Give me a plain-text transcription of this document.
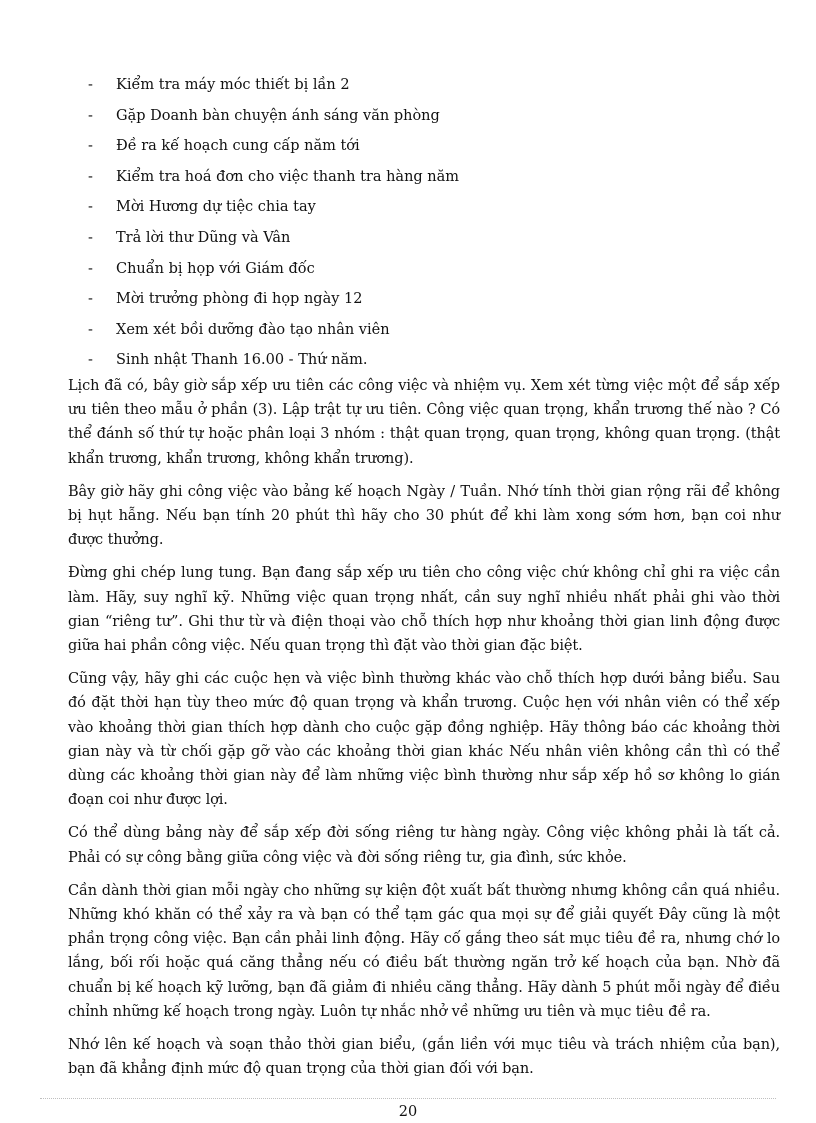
- Kiểm tra máy móc thiết bị lần 2
- Gặp Doanh bàn chuyện ánh sáng văn phòng
- Đề ra kế hoạch cung cấp năm tới
- Kiểm tra hoá đơn cho việc thanh tra hàng năm
- Mời Hương dự tiệc chia tay
- Trả lời thư Dũng và Vân
- Chuẩn bị họp với Giám đốc
- Mời trưởng phòng đi họp ngày 12
- Xem xét bồi dưỡng đào tạo nhân viên
- Sinh nhật Thanh 16.00 - Thứ năm.

Lịch đã có, bây giờ sắp xếp ưu tiên các công việc và nhiệm vụ. Xem xét từng việc một để sắp xếp ưu tiên theo mẫu ở phần (3). Lập trật tự ưu tiên. Công việc quan trọng, khẩn trương thế nào ? Có thể đánh số thứ tự hoặc phân loại 3 nhóm : thật quan trọng, quan trọng, không quan trọng. (thật khẩn trương, khẩn trương, không khẩn trương).

Bây giờ hãy ghi công việc vào bảng kế hoạch Ngày / Tuần. Nhớ tính thời gian rộng rãi để không bị hụt hẫng. Nếu bạn tính 20 phút thì hãy cho 30 phút để khi làm xong sớm hơn, bạn coi như được thưởng.

Đừng ghi chép lung tung. Bạn đang sắp xếp ưu tiên cho công việc chứ không chỉ ghi ra việc cần làm. Hãy, suy nghĩ kỹ. Những việc quan trọng nhất, cần suy nghĩ nhiều nhất phải ghi vào thời gian “riêng tư”. Ghi thư từ và điện thoại vào chỗ thích hợp như khoảng thời gian linh động được giữa hai phần công việc. Nếu quan trọng thì đặt vào thời gian đặc biệt.

Cũng vậy, hãy ghi các cuộc hẹn và việc bình thường khác vào chỗ thích hợp dưới bảng biểu. Sau đó đặt thời hạn tùy theo mức độ quan trọng và khẩn trương. Cuộc hẹn với nhân viên có thể xếp vào khoảng thời gian thích hợp dành cho cuộc gặp đồng nghiệp. Hãy thông báo các khoảng thời gian này và từ chối gặp gỡ vào các khoảng thời gian khác Nếu nhân viên không cần thì có thể dùng các khoảng thời gian này để làm những việc bình thường như sắp xếp hồ sơ không lo gián đoạn coi như được lợi.

Có thể dùng bảng này để sắp xếp đời sống riêng tư hàng ngày. Công việc không phải là tất cả. Phải có sự công bằng giữa công việc và đời sống riêng tư, gia đình, sức khỏe.

Cần dành thời gian mỗi ngày cho những sự kiện đột xuất bất thường nhưng không cần quá nhiều. Những khó khăn có thể xảy ra và bạn có thể tạm gác qua mọi sự để giải quyết Đây cũng là một phần trọng công việc. Bạn cần phải linh động. Hãy cố gắng theo sát mục tiêu đề ra, nhưng chớ lo lắng, bối rối hoặc quá căng thẳng nếu có điều bất thường ngăn trở kế hoạch của bạn. Nhờ đã chuẩn bị kế hoạch kỹ lưỡng, bạn đã giảm đi nhiều căng thẳng. Hãy dành 5 phút mỗi ngày để điều chỉnh những kế hoạch trong ngày. Luôn tự nhắc nhở về những ưu tiên và mục tiêu đề ra.

Nhớ lên kế hoạch và soạn thảo thời gian biểu, (gắn liền với mục tiêu và trách nhiệm của bạn), bạn đã khẳng định mức độ quan trọng của thời gian đối với bạn.

20
